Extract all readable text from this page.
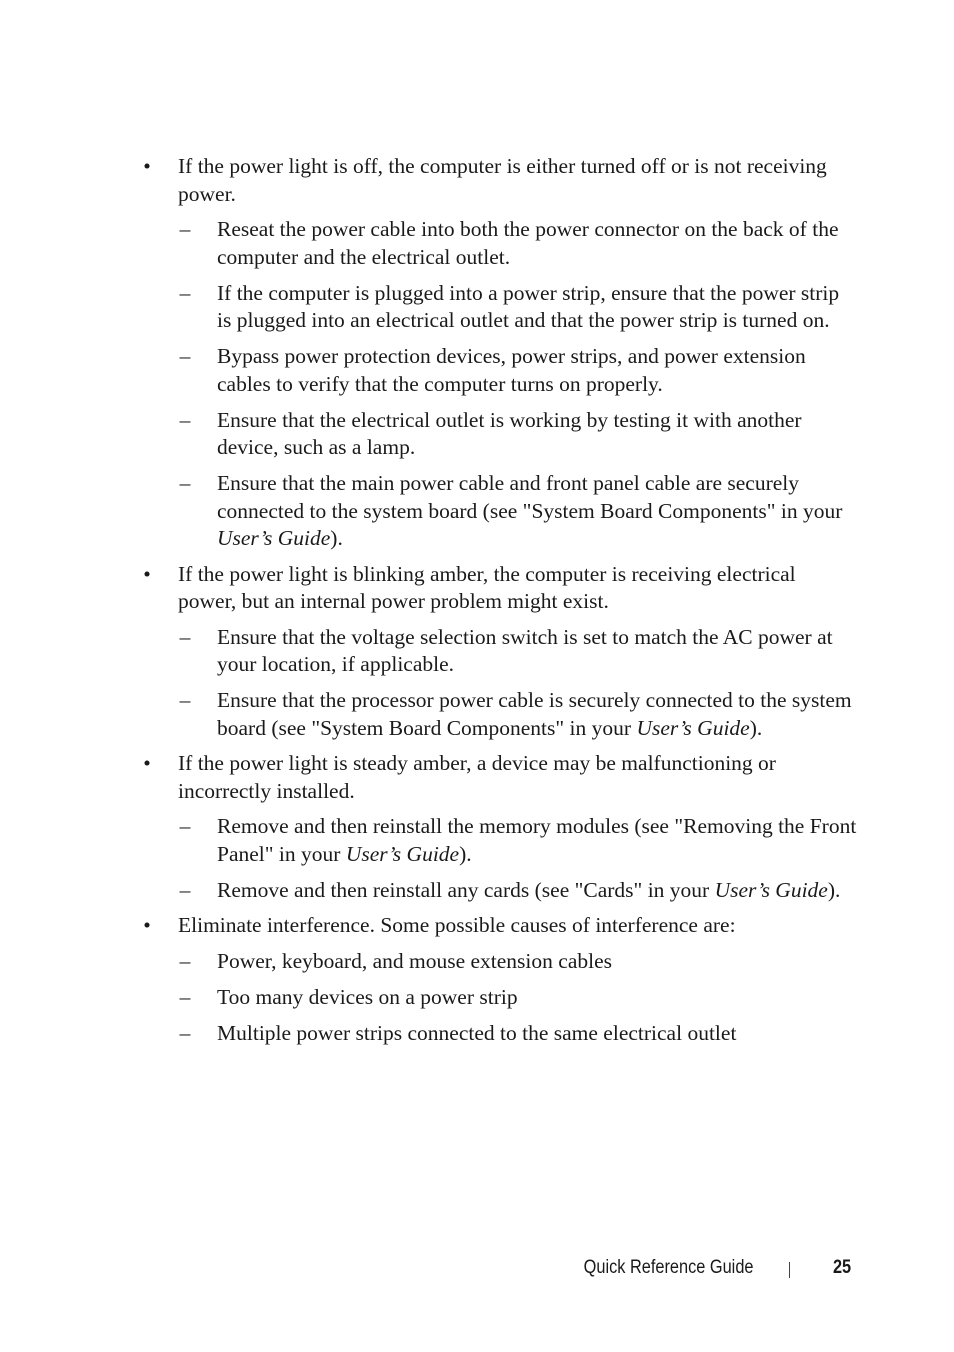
• If the power light is off, the computer is either turned off or is not receiving power.
– Reseat the power cable into both the power connector on the back of the computer and the electrical outlet.
– If the computer is plugged into a power strip, ensure that the power strip is plugged into an electrical outlet and that the power strip is turned on.
– Bypass power protection devices, power strips, and power extension cables to verify that the computer turns on properly.
– Ensure that the electrical outlet is working by testing it with another device, such as a lamp.
– Ensure that the main power cable and front panel cable are securely connected to the system board (see "System Board Components" in your User’s Guide).
• If the power light is blinking amber, the computer is receiving electrical power, but an internal power problem might exist.
– Ensure that the voltage selection switch is set to match the AC power at your location, if applicable.
– Ensure that the processor power cable is securely connected to the system board (see "System Board Components" in your User’s Guide).
• If the power light is steady amber, a device may be malfunctioning or incorrectly installed.
– Remove and then reinstall the memory modules (see "Removing the Front Panel" in your User’s Guide).
– Remove and then reinstall any cards (see "Cards" in your User’s Guide).
• Eliminate interference. Some possible causes of interference are:
– Power, keyboard, and mouse extension cables
– Too many devices on a power strip
– Multiple power strips connected to the same electrical outlet
Quick Reference Guide	25
